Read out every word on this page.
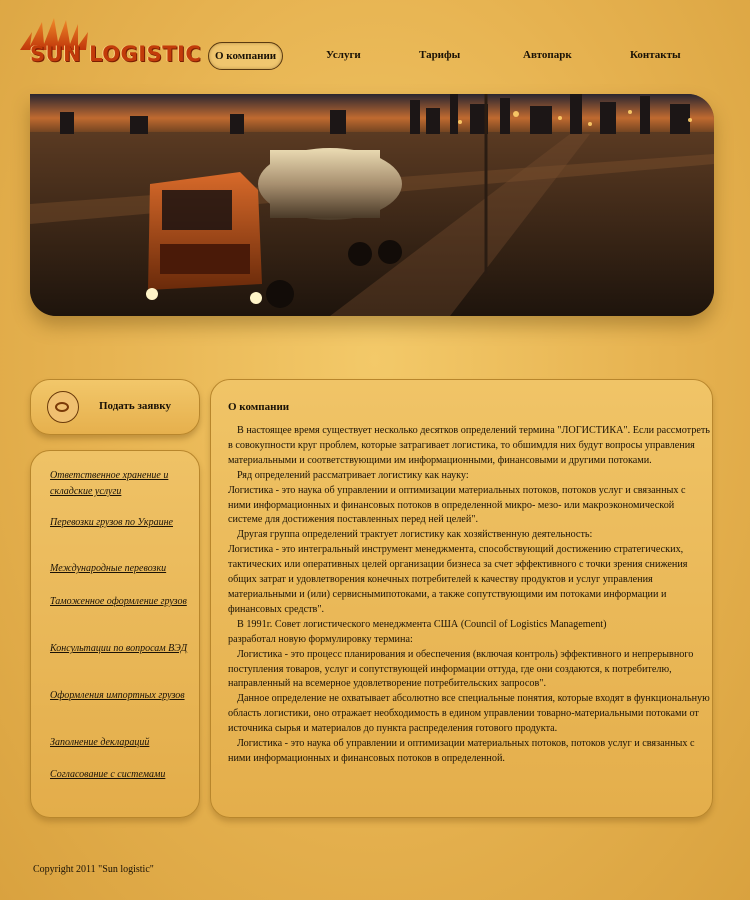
SUN LOGISTIC	О компании	Услуги	Тарифы	Автопарк	Контакты
Подать заявку
Ответственное хранение и складские услуги
Перевозки грузов по Украине
Международные перевозки
Таможенное оформление грузов
Консультации по вопросам ВЭД
Оформления импортных грузов
Заполнение деклараций
Согласование с системами
О компании

В настоящее время существует несколько десятков определений термина "ЛОГИСТИКА". Если рассмотреть в совокупности круг проблем, которые затрагивает логистика, то обшимдля них будут вопросы управления материальными и соответствующими им информационными, финансовыми и другими потоками.

Ряд определений рассматривает логистику как науку:

Логистика - это наука об управлении и оптимизации материальных потоков, потоков услуг и связанных с ними информационных и финансовых потоков в определенной микро- мезо- или макроэкономической системе для достижения поставленных перед ней целей".

Другая группа определений трактует логистику как хозяйственную деятельность:

Логистика - это интегральный инструмент менеджмента, способствующий достижению стратегических, тактических или оперативных целей организации бизнеса за счет эффективного с точки зрения снижения общих затрат и удовлетворения конечных потребителей к качеству продуктов и услуг управления материальными и (или) сервиснымипотоками, а также сопутствующими им потоками информации и финансовых средств".

В 1991г. Совет логистического менеджмента США (Council of Logistics Management)

разработал новую формулировку термина:

Логистика - это процесс планирования и обеспечения (включая контроль) эффективного и непрерывного поступления товаров, услуг и сопутствующей информации оттуда, где они создаются, к потребителю, направленный на всемерное удовлетворение потребительских запросов".

Данное определение не охватывает абсолютно все специальные понятия, которые входят в функциональную область логистики, оно отражает необходимость в едином управлении товарно-материальными потоками от источника сырья и материалов до пункта распределения готового продукта.

Логистика - это наука об управлении и оптимизации материальных потоков, потоков услуг и связанных с ними информационных и финансовых потоков в определенной.

Copyright 2011 "Sun logistic"
